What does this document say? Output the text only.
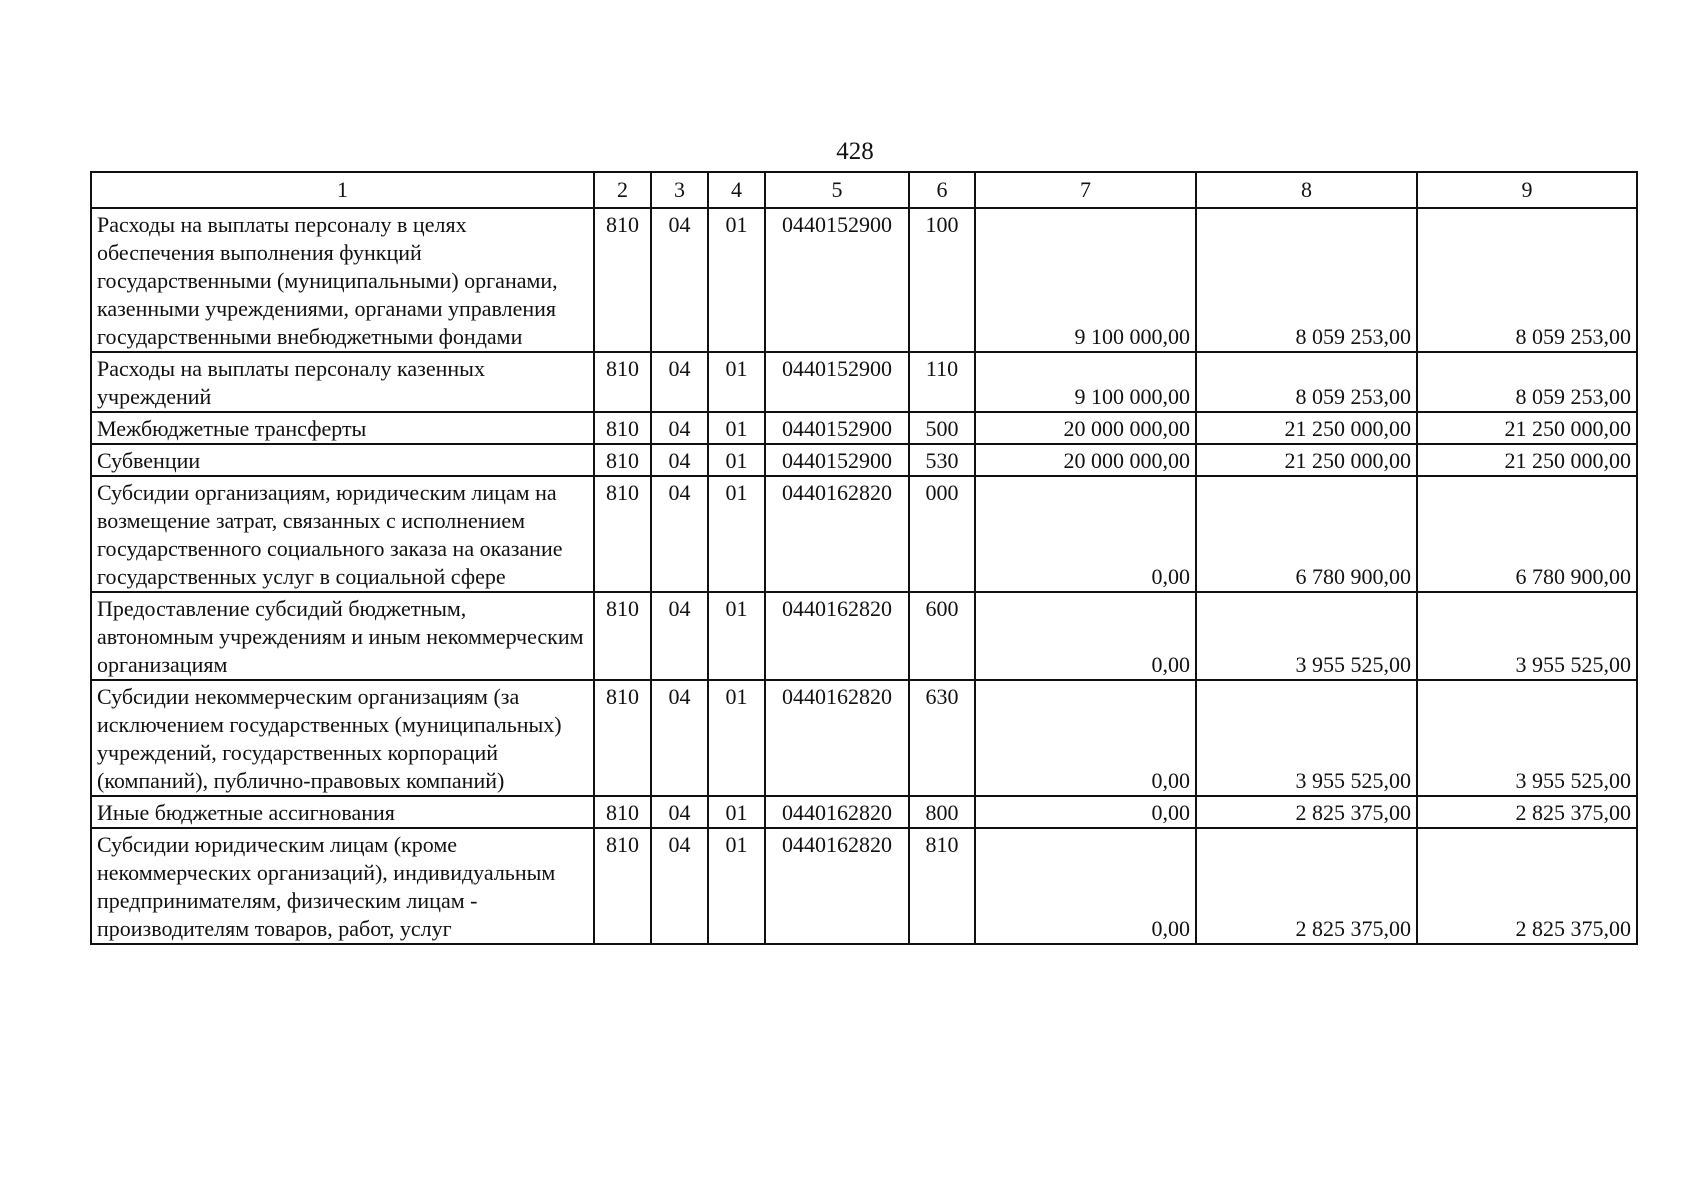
428
1	2	3	4	5	6	7	8	9
Расходы на выплаты персоналу в целях обеспечения выполнения функций государственными (муниципальными) органами, казенными учреждениями, органами управления государственными внебюджетными фондами	810	04	01	0440152900	100	9 100 000,00	8 059 253,00	8 059 253,00
Расходы на выплаты персоналу казенных учреждений	810	04	01	0440152900	110	9 100 000,00	8 059 253,00	8 059 253,00
Межбюджетные трансферты	810	04	01	0440152900	500	20 000 000,00	21 250 000,00	21 250 000,00
Субвенции	810	04	01	0440152900	530	20 000 000,00	21 250 000,00	21 250 000,00
Субсидии организациям, юридическим лицам на возмещение затрат, связанных с исполнением государственного социального заказа на оказание государственных услуг в социальной сфере	810	04	01	0440162820	000	0,00	6 780 900,00	6 780 900,00
Предоставление субсидий бюджетным, автономным учреждениям и иным некоммерческим организациям	810	04	01	0440162820	600	0,00	3 955 525,00	3 955 525,00
Субсидии некоммерческим организациям (за исключением государственных (муниципальных) учреждений, государственных корпораций (компаний), публично-правовых компаний)	810	04	01	0440162820	630	0,00	3 955 525,00	3 955 525,00
Иные бюджетные ассигнования	810	04	01	0440162820	800	0,00	2 825 375,00	2 825 375,00
Субсидии юридическим лицам (кроме некоммерческих организаций), индивидуальным предпринимателям, физическим лицам - производителям товаров, работ, услуг	810	04	01	0440162820	810	0,00	2 825 375,00	2 825 375,00
